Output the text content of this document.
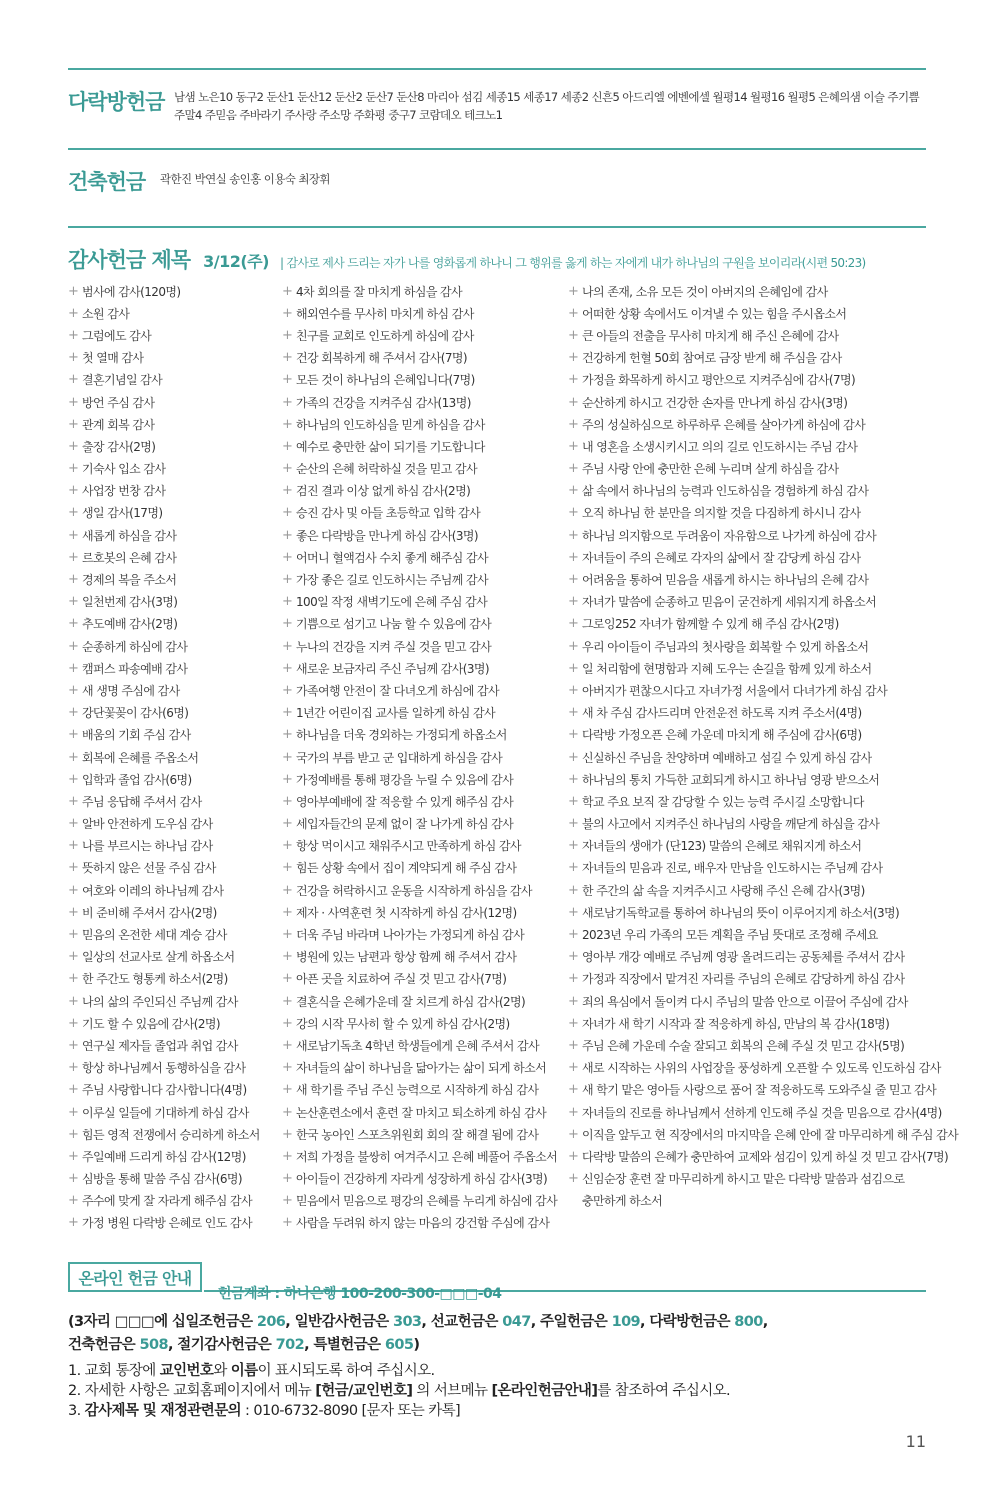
다락방헌금 남샘 노은10 동구2 둔산1 둔산12 둔산2 둔산7 둔산8 마리아 섬김 세종15 세종17 세종2 신흔5 아드리엘 에벤에셀 월평14 월평16 월평5 은혜의샘 이슬 주기쁨
주말4 주믿음 주바라기 주사랑 주소망 주화평 중구7 코람데오 테크노1
건축헌금 곽한진 박연실 송인홍 이용숙 최장휘
감사헌금 제목 3/12(주) | 감사로 제사 드리는 자가 나를 영화롭게 하나니 그 행위를 옳게 하는 자에게 내가 하나님의 구원을 보이리라(시편 50:23)
+ 범사에 감사(120명)
+ 소원 감사
+ 그럼에도 감사
+ 첫 열매 감사
+ 결혼기념일 감사
+ 방언 주심 감사
+ 관계 회복 감사
+ 출장 감사(2명)
+ 기숙사 입소 감사
+ 사업장 번창 감사
+ 생일 감사(17명)
+ 새롭게 하심을 감사
+ 르호봇의 은혜 감사
+ 경제의 복을 주소서
+ 일천번제 감사(3명)
+ 추도예배 감사(2명)
+ 순종하게 하심에 감사
+ 캠퍼스 파송예배 감사
+ 새 생명 주심에 감사
+ 강단꽃꽂이 감사(6명)
+ 배움의 기회 주심 감사
+ 회복에 은혜를 주옵소서
+ 입학과 졸업 감사(6명)
+ 주님 응답해 주셔서 감사
+ 알바 안전하게 도우심 감사
+ 나를 부르시는 하나님 감사
+ 뜻하지 않은 선물 주심 감사
+ 여호와 이레의 하나님께 감사
+ 비 준비해 주셔서 감사(2명)
+ 믿음의 온전한 세대 계승 감사
+ 일상의 선교사로 살게 하옵소서
+ 한 주간도 형통케 하소서(2명)
+ 나의 삶의 주인되신 주님께 감사
+ 기도 할 수 있음에 감사(2명)
+ 연구실 제자들 졸업과 취업 감사
+ 항상 하나님께서 동행하심을 감사
+ 주님 사랑합니다 감사합니다(4명)
+ 이루실 일들에 기대하게 하심 감사
+ 힘든 영적 전쟁에서 승리하게 하소서
+ 주일예배 드리게 하심 감사(12명)
+ 심방을 통해 말씀 주심 감사(6명)
+ 주수에 맞게 잘 자라게 해주심 감사
+ 가정 병원 다락방 은혜로 인도 감사
+ 4차 회의를 잘 마치게 하심을 감사
+ 해외연수를 무사히 마치게 하심 감사
+ 친구를 교회로 인도하게 하심에 감사
+ 건강 회복하게 해 주셔서 감사(7명)
+ 모든 것이 하나님의 은혜입니다(7명)
+ 가족의 건강을 지켜주심 감사(13명)
+ 하나님의 인도하심을 믿게 하심을 감사
+ 예수로 충만한 삶이 되기를 기도합니다
+ 순산의 은혜 허락하실 것을 믿고 감사
+ 검진 결과 이상 없게 하심 감사(2명)
+ 승진 감사 및 아들 초등학교 입학 감사
+ 좋은 다락방을 만나게 하심 감사(3명)
+ 어머니 혈액검사 수치 좋게 해주심 감사
+ 가장 좋은 길로 인도하시는 주님께 감사
+ 100일 작정 새벽기도에 은혜 주심 감사
+ 기쁨으로 섬기고 나눔 할 수 있음에 감사
+ 누나의 건강을 지켜 주실 것을 믿고 감사
+ 새로운 보금자리 주신 주님께 감사(3명)
+ 가족여행 안전이 잘 다녀오게 하심에 감사
+ 1년간 어린이집 교사를 일하게 하심 감사
+ 하나님을 더욱 경외하는 가정되게 하옵소서
+ 국가의 부름 받고 군 입대하게 하심을 감사
+ 가정예배를 통해 평강을 누릴 수 있음에 감사
+ 영아부예배에 잘 적응할 수 있게 해주심 감사
+ 세입자들간의 문제 없이 잘 나가게 하심 감사
+ 항상 먹이시고 채워주시고 만족하게 하심 감사
+ 힘든 상황 속에서 집이 계약되게 해 주심 감사
+ 건강을 허락하시고 운동을 시작하게 하심을 감사
+ 제자 · 사역훈련 첫 시작하게 하심 감사(12명)
+ 더욱 주님 바라며 나아가는 가정되게 하심 감사
+ 병원에 있는 남편과 항상 함께 해 주셔서 감사
+ 아픈 곳을 치료하여 주실 것 믿고 감사(7명)
+ 결혼식을 은혜가운데 잘 치르게 하심 감사(2명)
+ 강의 시작 무사히 할 수 있게 하심 감사(2명)
+ 새로남기독초 4학년 학생들에게 은혜 주셔서 감사
+ 자녀들의 삶이 하나님을 닮아가는 삶이 되게 하소서
+ 새 학기를 주님 주신 능력으로 시작하게 하심 감사
+ 논산훈련소에서 훈련 잘 마치고 퇴소하게 하심 감사
+ 한국 농아인 스포츠위원회 회의 잘 해결 됨에 감사
+ 저희 가정을 불쌍히 여겨주시고 은혜 베풀어 주옵소서
+ 아이들이 건강하게 자라게 성장하게 하심 감사(3명)
+ 믿음에서 믿음으로 평강의 은혜를 누리게 하심에 감사
+ 사람을 두려워 하지 않는 마음의 강건함 주심에 감사
+ 나의 존재, 소유 모든 것이 아버지의 은혜임에 감사
+ 어떠한 상황 속에서도 이겨낼 수 있는 힘을 주시옵소서
+ 큰 아들의 전출을 무사히 마치게 해 주신 은혜에 감사
+ 건강하게 헌혈 50회 참여로 금장 받게 해 주심을 감사
+ 가정을 화목하게 하시고 평안으로 지켜주심에 감사(7명)
+ 순산하게 하시고 건강한 손자를 만나게 하심 감사(3명)
+ 주의 성실하심으로 하루하루 은혜를 살아가게 하심에 감사
+ 내 영혼을 소생시키시고 의의 길로 인도하시는 주님 감사
+ 주님 사랑 안에 충만한 은혜 누리며 살게 하심을 감사
+ 삶 속에서 하나님의 능력과 인도하심을 경험하게 하심 감사
+ 오직 하나님 한 분만을 의지할 것을 다짐하게 하시니 감사
+ 하나님 의지함으로 두려움이 자유함으로 나가게 하심에 감사
+ 자녀들이 주의 은혜로 각자의 삶에서 잘 감당케 하심 감사
+ 어려움을 통하여 믿음을 새롭게 하시는 하나님의 은혜 감사
+ 자녀가 말씀에 순종하고 믿음이 굳건하게 세워지게 하옵소서
+ 그로잉252 자녀가 함께할 수 있게 해 주심 감사(2명)
+ 우리 아이들이 주님과의 첫사랑을 회복할 수 있게 하옵소서
+ 일 처리함에 현명함과 지혜 도우는 손길을 함께 있게 하소서
+ 아버지가 편찮으시다고 자녀가정 서울에서 다녀가게 하심 감사
+ 새 차 주심 감사드리며 안전운전 하도록 지켜 주소서(4명)
+ 다락방 가정오픈 은혜 가운데 마치게 해 주심에 감사(6명)
+ 신실하신 주님을 찬양하며 예배하고 섬길 수 있게 하심 감사
+ 하나님의 통치 가득한 교회되게 하시고 하나님 영광 받으소서
+ 학교 주요 보직 잘 감당할 수 있는 능력 주시길 소망합니다
+ 불의 사고에서 지켜주신 하나님의 사랑을 깨닫게 하심을 감사
+ 자녀들의 생애가 (단123) 말씀의 은혜로 채워지게 하소서
+ 자녀들의 믿음과 진로, 배우자 만남을 인도하시는 주님께 감사
+ 한 주간의 삶 속을 지켜주시고 사랑해 주신 은혜 감사(3명)
+ 새로남기독학교를 통하여 하나님의 뜻이 이루어지게 하소서(3명)
+ 2023년 우리 가족의 모든 계획을 주님 뜻대로 조정해 주세요
+ 영아부 개강 예배로 주님께 영광 올려드리는 공동체를 주셔서 감사
+ 가정과 직장에서 맡겨진 자리를 주님의 은혜로 감당하게 하심 감사
+ 죄의 욕심에서 돌이켜 다시 주님의 말씀 안으로 이끌어 주심에 감사
+ 자녀가 새 학기 시작과 잘 적응하게 하심, 만남의 복 감사(18명)
+ 주님 은혜 가운데 수술 잘되고 회복의 은혜 주실 것 믿고 감사(5명)
+ 새로 시작하는 사위의 사업장을 풍성하게 오픈할 수 있도록 인도하심 감사
+ 새 학기 맡은 영아들 사랑으로 품어 잘 적응하도록 도와주실 줄 믿고 감사
+ 자녀들의 진로를 하나님께서 선하게 인도해 주실 것을 믿음으로 감사(4명)
+ 이직을 앞두고 현 직장에서의 마지막을 은혜 안에 잘 마무리하게 해 주심 감사
+ 다락방 말씀의 은혜가 충만하여 교제와 섬김이 있게 하실 것 믿고 감사(7명)
+ 신임순장 훈련 잘 마무리하게 하시고 맡은 다락방 말씀과 섬김으로
충만하게 하소서
온라인 헌금 안내
헌금계좌 : 하나은행 100-200-300-□□□-04
(3자리 □□□에 십일조헌금은 206, 일반감사헌금은 303, 선교헌금은 047, 주일헌금은 109, 다락방헌금은 800,
건축헌금은 508, 절기감사헌금은 702, 특별헌금은 605)
1. 교회 통장에 교인번호와 이름이 표시되도록 하여 주십시오.
2. 자세한 사항은 교회홈페이지에서 메뉴 [헌금/교인번호] 의 서브메뉴 [온라인헌금안내]를 참조하여 주십시오.
3. 감사제목 및 재정관련문의 : 010-6732-8090 [문자 또는 카톡]
11
